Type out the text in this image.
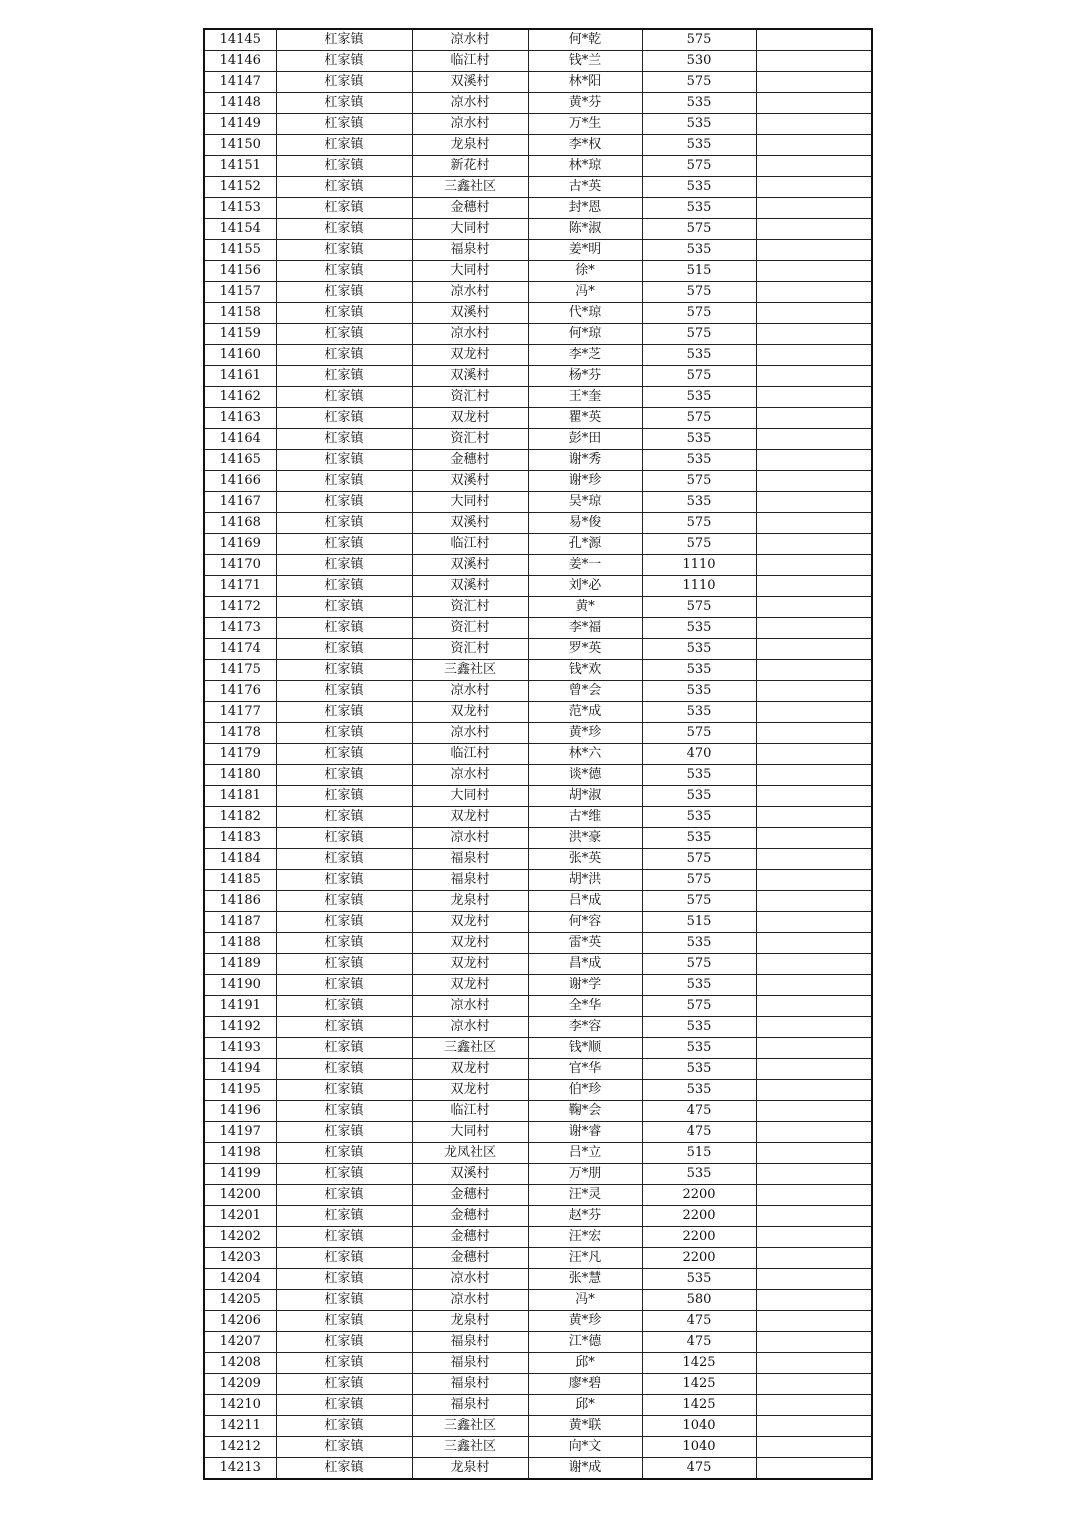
14145	杠家镇	凉水村	何*乾	575	
14146	杠家镇	临江村	钱*兰	530	
14147	杠家镇	双溪村	林*阳	575	
14148	杠家镇	凉水村	黄*芬	535	
14149	杠家镇	凉水村	万*生	535	
14150	杠家镇	龙泉村	李*权	535	
14151	杠家镇	新花村	林*琼	575	
14152	杠家镇	三鑫社区	古*英	535	
14153	杠家镇	金穗村	封*恩	535	
14154	杠家镇	大同村	陈*淑	575	
14155	杠家镇	福泉村	姜*明	535	
14156	杠家镇	大同村	徐*	515	
14157	杠家镇	凉水村	冯*	575	
14158	杠家镇	双溪村	代*琼	575	
14159	杠家镇	凉水村	何*琼	575	
14160	杠家镇	双龙村	李*芝	535	
14161	杠家镇	双溪村	杨*芬	575	
14162	杠家镇	资汇村	王*奎	535	
14163	杠家镇	双龙村	瞿*英	575	
14164	杠家镇	资汇村	彭*田	535	
14165	杠家镇	金穗村	谢*秀	535	
14166	杠家镇	双溪村	谢*珍	575	
14167	杠家镇	大同村	吴*琼	535	
14168	杠家镇	双溪村	易*俊	575	
14169	杠家镇	临江村	孔*源	575	
14170	杠家镇	双溪村	姜*一	1110	
14171	杠家镇	双溪村	刘*必	1110	
14172	杠家镇	资汇村	黄*	575	
14173	杠家镇	资汇村	李*福	535	
14174	杠家镇	资汇村	罗*英	535	
14175	杠家镇	三鑫社区	钱*欢	535	
14176	杠家镇	凉水村	曾*会	535	
14177	杠家镇	双龙村	范*成	535	
14178	杠家镇	凉水村	黄*珍	575	
14179	杠家镇	临江村	林*六	470	
14180	杠家镇	凉水村	谈*德	535	
14181	杠家镇	大同村	胡*淑	535	
14182	杠家镇	双龙村	古*维	535	
14183	杠家镇	凉水村	洪*豪	535	
14184	杠家镇	福泉村	张*英	575	
14185	杠家镇	福泉村	胡*洪	575	
14186	杠家镇	龙泉村	吕*成	575	
14187	杠家镇	双龙村	何*容	515	
14188	杠家镇	双龙村	雷*英	535	
14189	杠家镇	双龙村	昌*成	575	
14190	杠家镇	双龙村	谢*学	535	
14191	杠家镇	凉水村	全*华	575	
14192	杠家镇	凉水村	李*容	535	
14193	杠家镇	三鑫社区	钱*顺	535	
14194	杠家镇	双龙村	官*华	535	
14195	杠家镇	双龙村	伯*珍	535	
14196	杠家镇	临江村	鞠*会	475	
14197	杠家镇	大同村	谢*睿	475	
14198	杠家镇	龙凤社区	吕*立	515	
14199	杠家镇	双溪村	万*朋	535	
14200	杠家镇	金穗村	汪*灵	2200	
14201	杠家镇	金穗村	赵*芬	2200	
14202	杠家镇	金穗村	汪*宏	2200	
14203	杠家镇	金穗村	汪*凡	2200	
14204	杠家镇	凉水村	张*慧	535	
14205	杠家镇	凉水村	冯*	580	
14206	杠家镇	龙泉村	黄*珍	475	
14207	杠家镇	福泉村	江*德	475	
14208	杠家镇	福泉村	邱*	1425	
14209	杠家镇	福泉村	廖*碧	1425	
14210	杠家镇	福泉村	邱*	1425	
14211	杠家镇	三鑫社区	黄*联	1040	
14212	杠家镇	三鑫社区	向*文	1040	
14213	杠家镇	龙泉村	谢*成	475	
